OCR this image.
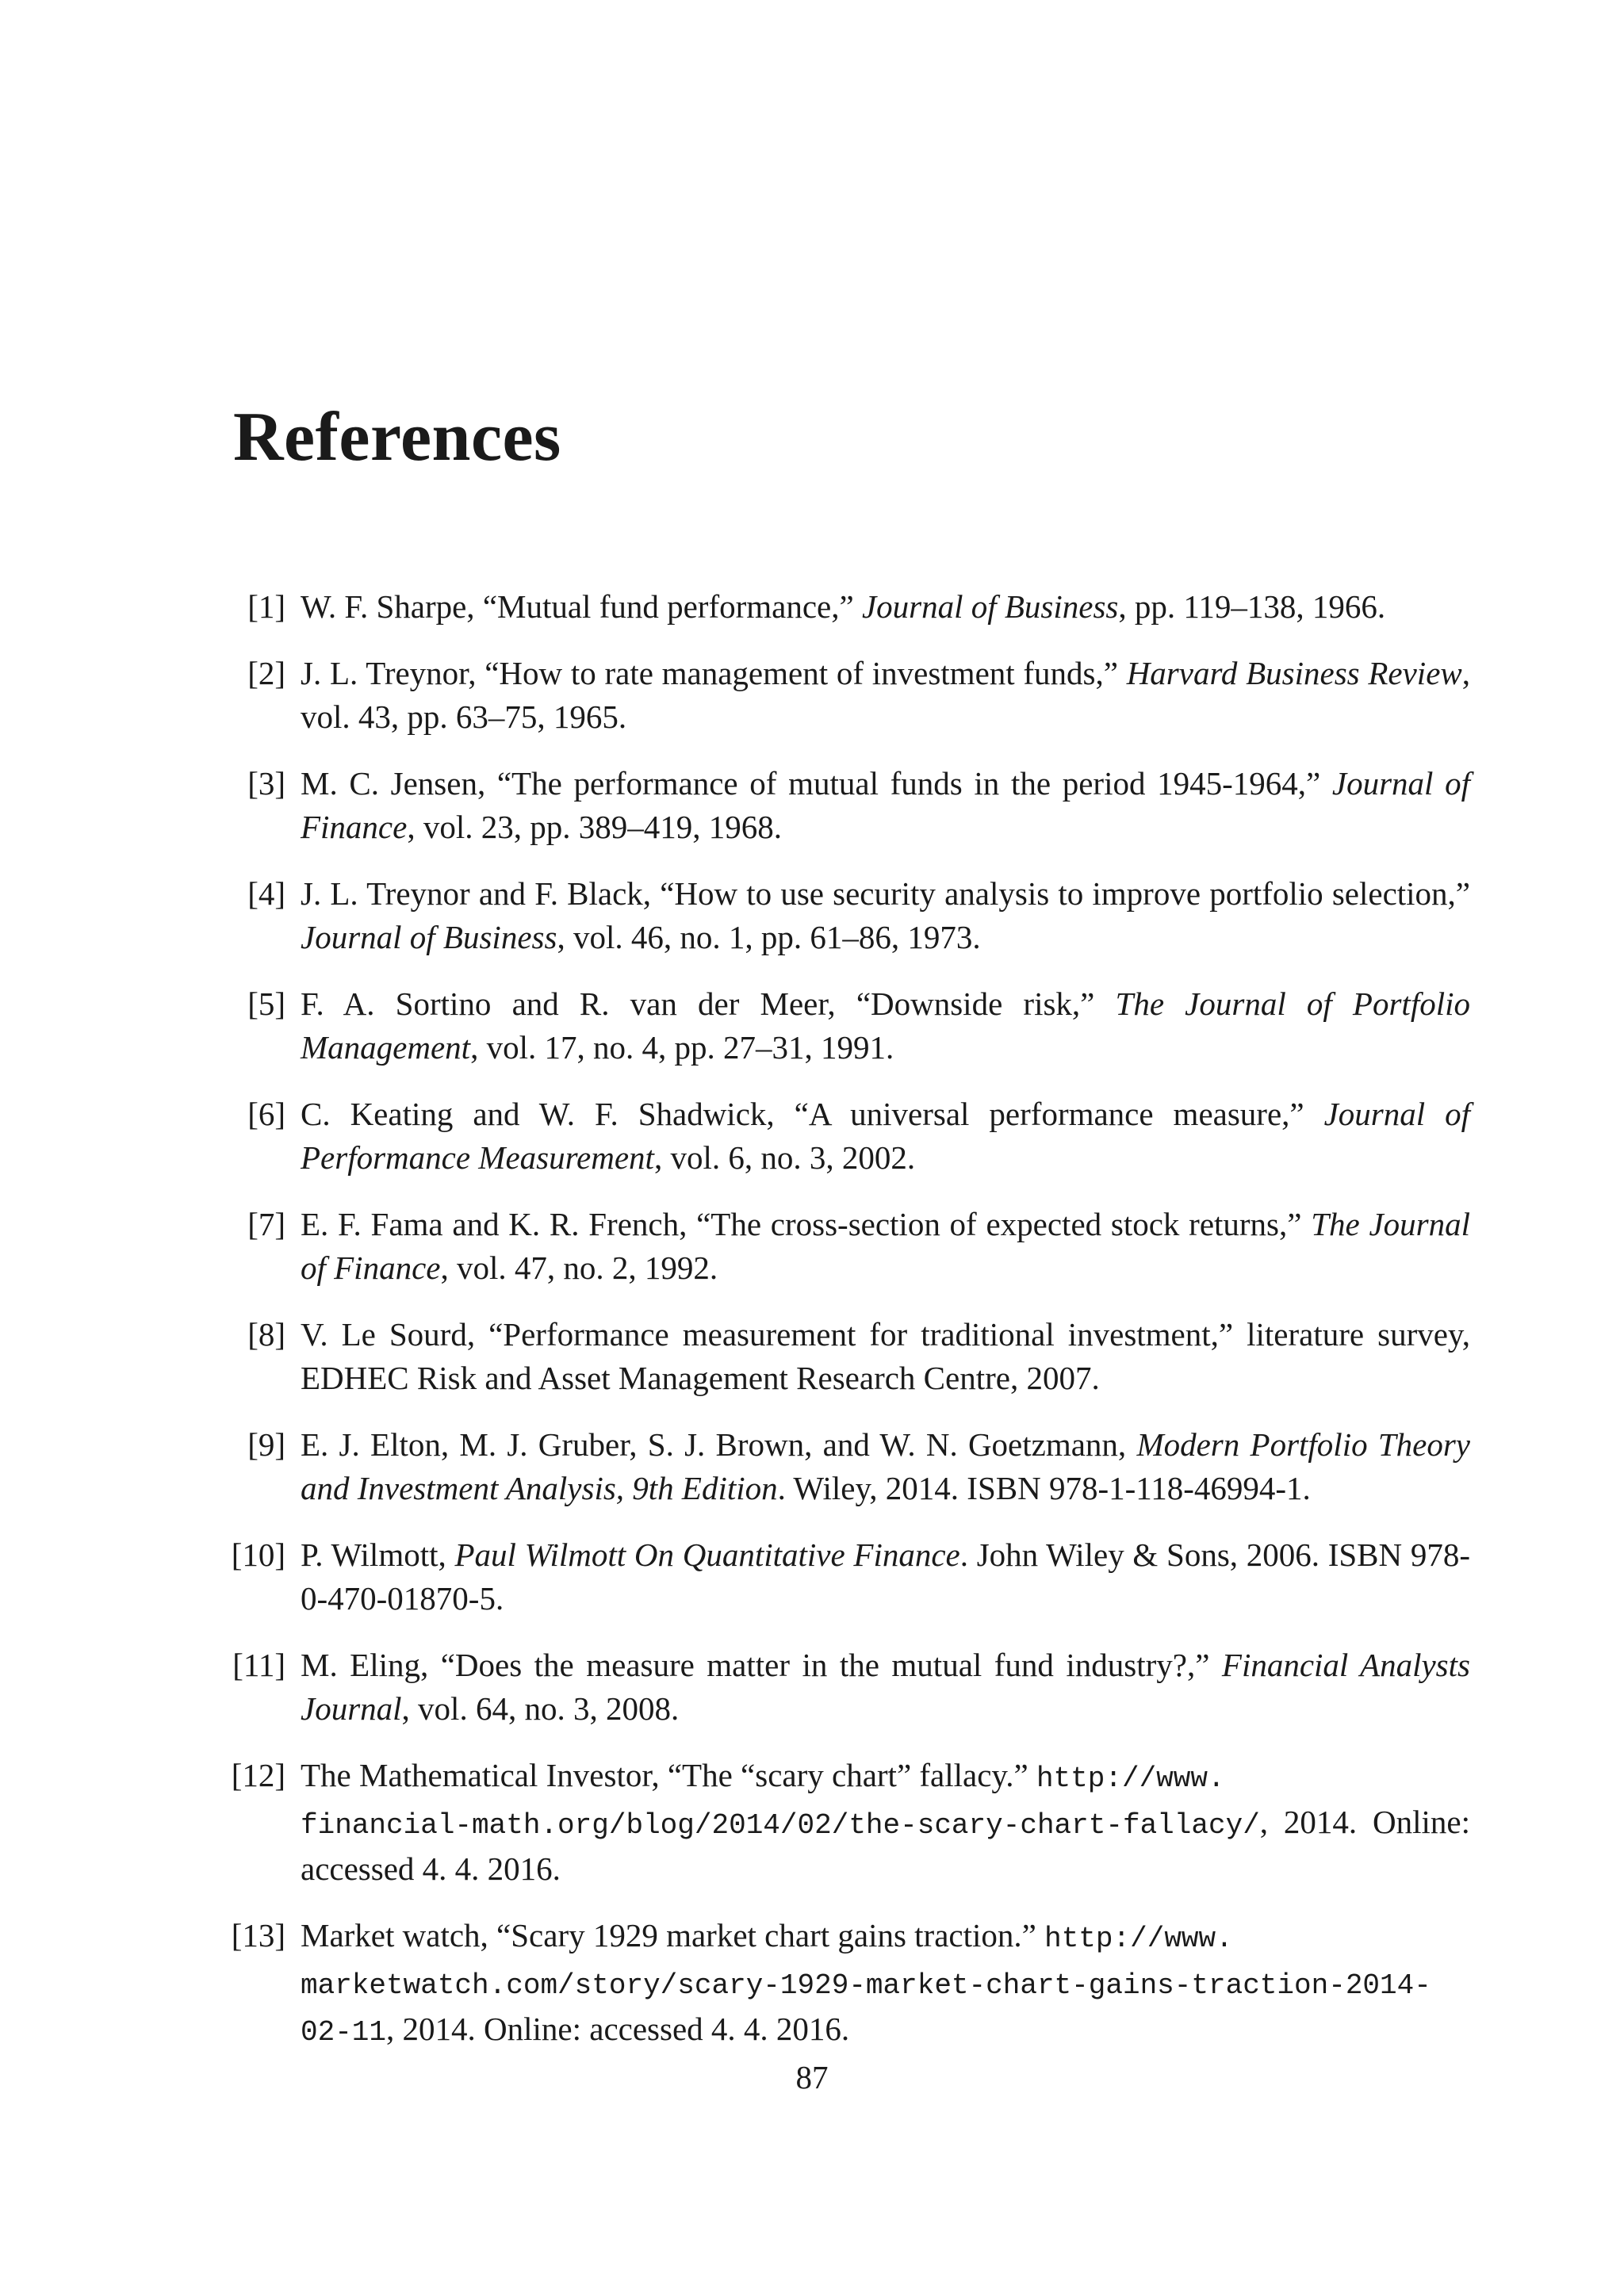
References
[ 1 ] W. F. Sharpe, “Mutual fund performance,” Journal of Business, pp. 119–138, 1966.
[ 2 ] J. L. Treynor, “How to rate management of investment funds,” Harvard Business Review, vol. 43, pp. 63–75, 1965.
[ 3 ] M. C. Jensen, “The performance of mutual funds in the period 1945-1964,” Journal of Finance, vol. 23, pp. 389–419, 1968.
[ 4 ] J. L. Treynor and F. Black, “How to use security analysis to improve portfolio selection,” Journal of Business, vol. 46, no. 1, pp. 61–86, 1973.
[ 5 ] F. A. Sortino and R. van der Meer, “Downside risk,” The Journal of Portfolio Management, vol. 17, no. 4, pp. 27–31, 1991.
[ 6 ] C. Keating and W. F. Shadwick, “A universal performance measure,” Journal of Performance Measurement, vol. 6, no. 3, 2002.
[ 7 ] E. F. Fama and K. R. French, “The cross-section of expected stock returns,” The Journal of Finance, vol. 47, no. 2, 1992.
[ 8 ] V. Le Sourd, “Performance measurement for traditional investment,” literature survey, EDHEC Risk and Asset Management Research Centre, 2007.
[ 9 ] E. J. Elton, M. J. Gruber, S. J. Brown, and W. N. Goetzmann, Modern Portfolio Theory and Investment Analysis, 9th Edition. Wiley, 2014. ISBN 978-1-118-46994-1.
[ 10 ] P. Wilmott, Paul Wilmott On Quantitative Finance. John Wiley & Sons, 2006. ISBN 978-0-470-01870-5.
[ 11 ] M. Eling, “Does the measure matter in the mutual fund industry?,” Financial Analysts Journal, vol. 64, no. 3, 2008.
[ 12 ] The Mathematical Investor, “The “scary chart” fallacy.” http://www.
financial-math.org/blog/2014/02/the-scary-chart-fallacy/, 2014. Online: accessed 4. 4. 2016.
[ 13 ] Market watch, “Scary 1929 market chart gains traction.” http://www.
marketwatch.com/story/scary-1929-market-chart-gains-traction-2014-02-11, 2014. Online: accessed 4. 4. 2016.
87
